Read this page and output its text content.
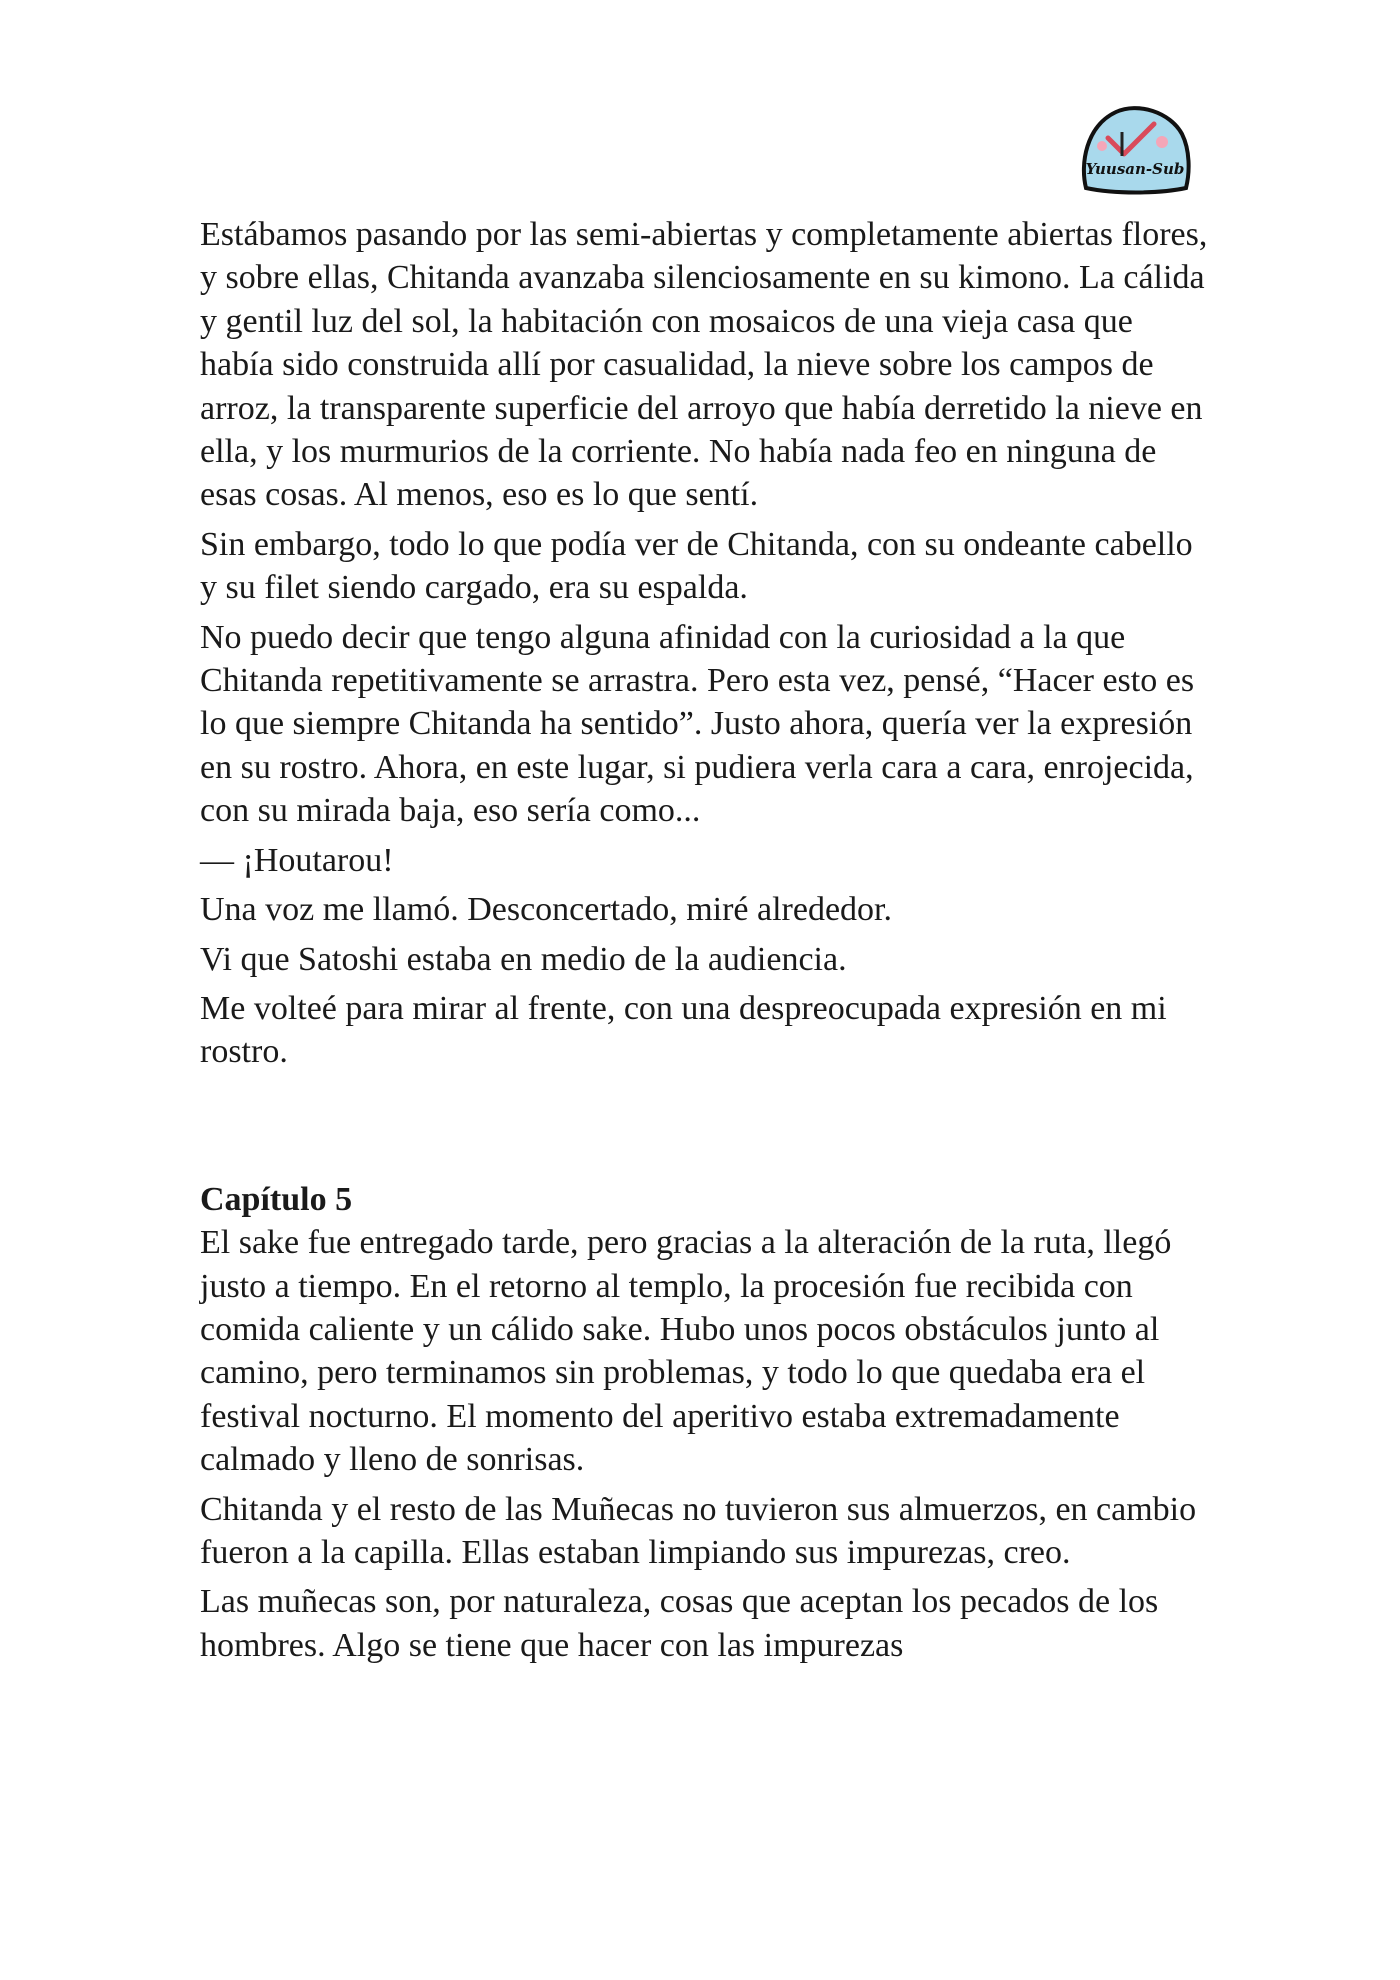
Yuusan-Sub

Estábamos pasando por las semi-abiertas y completamente abiertas flores, y sobre ellas, Chitanda avanzaba silenciosamente en su kimono. La cálida y gentil luz del sol, la habitación con mosaicos de una vieja casa que había sido construida allí por casualidad, la nieve sobre los campos de arroz, la transparente superficie del arroyo que había derretido la nieve en ella, y los murmurios de la corriente. No había nada feo en ninguna de esas cosas. Al menos, eso es lo que sentí.

Sin embargo, todo lo que podía ver de Chitanda, con su ondeante cabello y su filet siendo cargado, era su espalda.

No puedo decir que tengo alguna afinidad con la curiosidad a la que Chitanda repetitivamente se arrastra. Pero esta vez, pensé, “Hacer esto es lo que siempre Chitanda ha sentido”. Justo ahora, quería ver la expresión en su rostro. Ahora, en este lugar, si pudiera verla cara a cara, enrojecida, con su mirada baja, eso sería como...

— ¡Houtarou!

Una voz me llamó. Desconcertado, miré alrededor.

Vi que Satoshi estaba en medio de la audiencia.

Me volteé para mirar al frente, con una despreocupada expresión en mi rostro.

Capítulo 5

El sake fue entregado tarde, pero gracias a la alteración de la ruta, llegó justo a tiempo. En el retorno al templo, la procesión fue recibida con comida caliente y un cálido sake. Hubo unos pocos obstáculos junto al camino, pero terminamos sin problemas, y todo lo que quedaba era el festival nocturno. El momento del aperitivo estaba extremadamente calmado y lleno de sonrisas.

Chitanda y el resto de las Muñecas no tuvieron sus almuerzos, en cambio fueron a la capilla. Ellas estaban limpiando sus impurezas, creo.

Las muñecas son, por naturaleza, cosas que aceptan los pecados de los hombres. Algo se tiene que hacer con las impurezas
